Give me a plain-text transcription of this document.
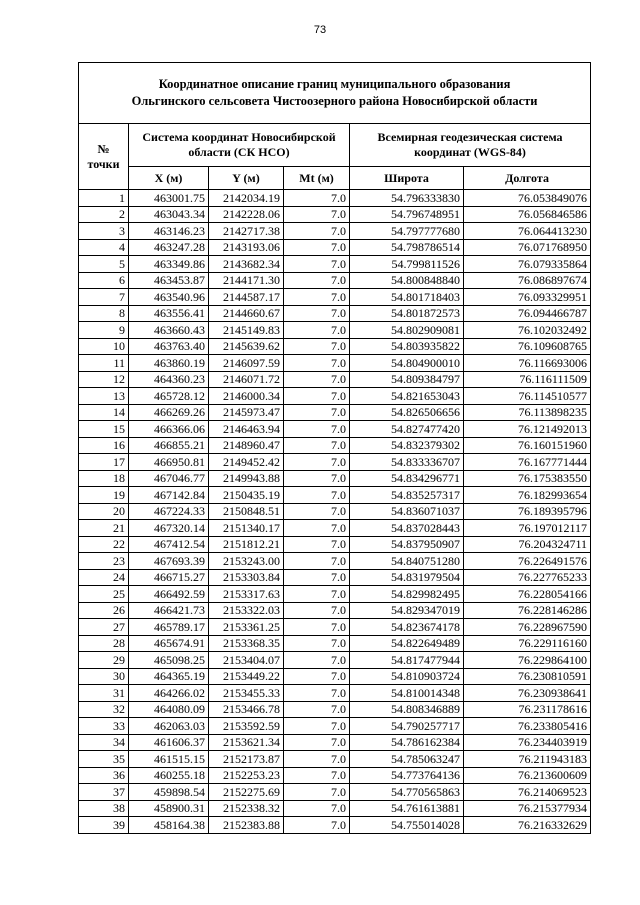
73
Координатное описание границ муниципального образования
Ольгинского сельсовета Чистоозерного района Новосибирской области					

№
точки	Система координат Новосибирской области (СК НСО)			Всемирная геодезическая система координат (WGS-84)	
	X (м)	Y (м)	Mt (м)	Широта	Долгота
1	463001.75	2142034.19	7.0	54.796333830	76.053849076
2	463043.34	2142228.06	7.0	54.796748951	76.056846586
3	463146.23	2142717.38	7.0	54.797777680	76.064413230
4	463247.28	2143193.06	7.0	54.798786514	76.071768950
5	463349.86	2143682.34	7.0	54.799811526	76.079335864
6	463453.87	2144171.30	7.0	54.800848840	76.086897674
7	463540.96	2144587.17	7.0	54.801718403	76.093329951
8	463556.41	2144660.67	7.0	54.801872573	76.094466787
9	463660.43	2145149.83	7.0	54.802909081	76.102032492
10	463763.40	2145639.62	7.0	54.803935822	76.109608765
11	463860.19	2146097.59	7.0	54.804900010	76.116693006
12	464360.23	2146071.72	7.0	54.809384797	76.116111509
13	465728.12	2146000.34	7.0	54.821653043	76.114510577
14	466269.26	2145973.47	7.0	54.826506656	76.113898235
15	466366.06	2146463.94	7.0	54.827477420	76.121492013
16	466855.21	2148960.47	7.0	54.832379302	76.160151960
17	466950.81	2149452.42	7.0	54.833336707	76.167771444
18	467046.77	2149943.88	7.0	54.834296771	76.175383550
19	467142.84	2150435.19	7.0	54.835257317	76.182993654
20	467224.33	2150848.51	7.0	54.836071037	76.189395796
21	467320.14	2151340.17	7.0	54.837028443	76.197012117
22	467412.54	2151812.21	7.0	54.837950907	76.204324711
23	467693.39	2153243.00	7.0	54.840751280	76.226491576
24	466715.27	2153303.84	7.0	54.831979504	76.227765233
25	466492.59	2153317.63	7.0	54.829982495	76.228054166
26	466421.73	2153322.03	7.0	54.829347019	76.228146286
27	465789.17	2153361.25	7.0	54.823674178	76.228967590
28	465674.91	2153368.35	7.0	54.822649489	76.229116160
29	465098.25	2153404.07	7.0	54.817477944	76.229864100
30	464365.19	2153449.22	7.0	54.810903724	76.230810591
31	464266.02	2153455.33	7.0	54.810014348	76.230938641
32	464080.09	2153466.78	7.0	54.808346889	76.231178616
33	462063.03	2153592.59	7.0	54.790257717	76.233805416
34	461606.37	2153621.34	7.0	54.786162384	76.234403919
35	461515.15	2152173.87	7.0	54.785063247	76.211943183
36	460255.18	2152253.23	7.0	54.773764136	76.213600609
37	459898.54	2152275.69	7.0	54.770565863	76.214069523
38	458900.31	2152338.32	7.0	54.761613881	76.215377934
39	458164.38	2152383.88	7.0	54.755014028	76.216332629
